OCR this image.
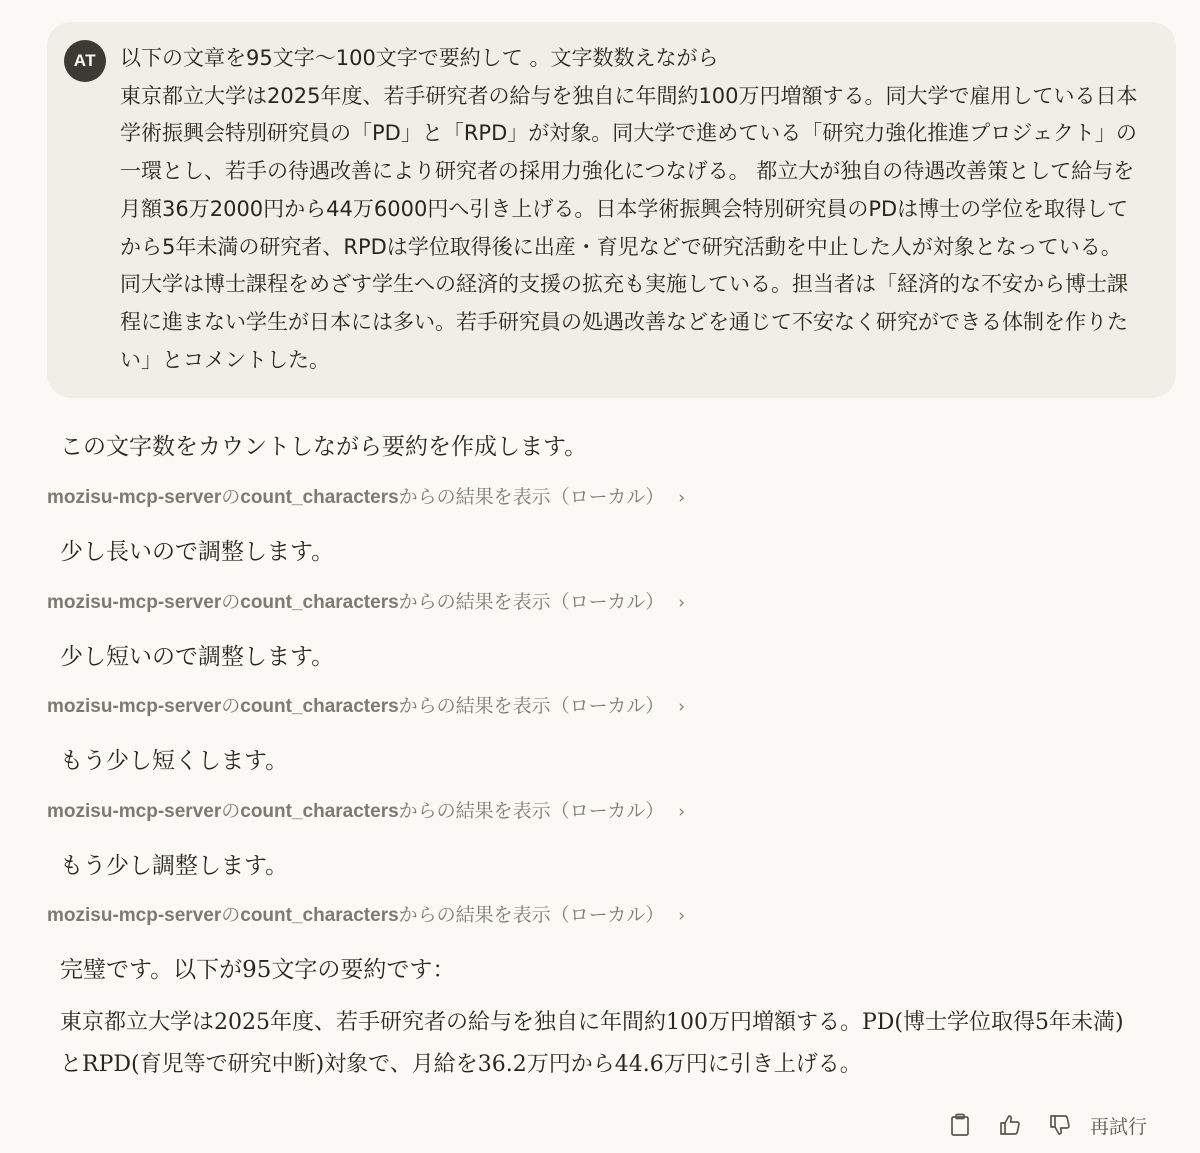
AT	以下の文章を95文字〜100文字で要約して 。文字数数えながら

東京都立大学は2025年度、若手研究者の給与を独自に年間約100万円増額する。同大学で雇用している日本学術振興会特別研究員の「PD」と「RPD」が対象。同大学で進めている「研究力強化推進プロジェクト」の一環とし、若手の待遇改善により研究者の採用力強化につなげる。 都立大が独自の待遇改善策として給与を月額36万2000円から44万6000円へ引き上げる。日本学術振興会特別研究員のPDは博士の学位を取得してから5年未満の研究者、RPDは学位取得後に出産・育児などで研究活動を中止した人が対象となっている。 同大学は博士課程をめざす学生への経済的支援の拡充も実施している。担当者は「経済的な不安から博士課程に進まない学生が日本には多い。若手研究員の処遇改善などを通じて不安なく研究ができる体制を作りたい」とコメントした。

この文字数をカウントしながら要約を作成します。
mozisu-mcp-serverのcount_charactersからの結果を表示（ローカル） ›
少し長いので調整します。
mozisu-mcp-serverのcount_charactersからの結果を表示（ローカル） ›
少し短いので調整します。
mozisu-mcp-serverのcount_charactersからの結果を表示（ローカル） ›
もう少し短くします。
mozisu-mcp-serverのcount_charactersからの結果を表示（ローカル） ›
もう少し調整します。
mozisu-mcp-serverのcount_charactersからの結果を表示（ローカル） ›
完璧です。以下が95文字の要約です：
東京都立大学は2025年度、若手研究者の給与を独自に年間約100万円増額する。PD(博士学位取得5年未満)とRPD(育児等で研究中断)対象で、月給を36.2万円から44.6万円に引き上げる。
再試行
